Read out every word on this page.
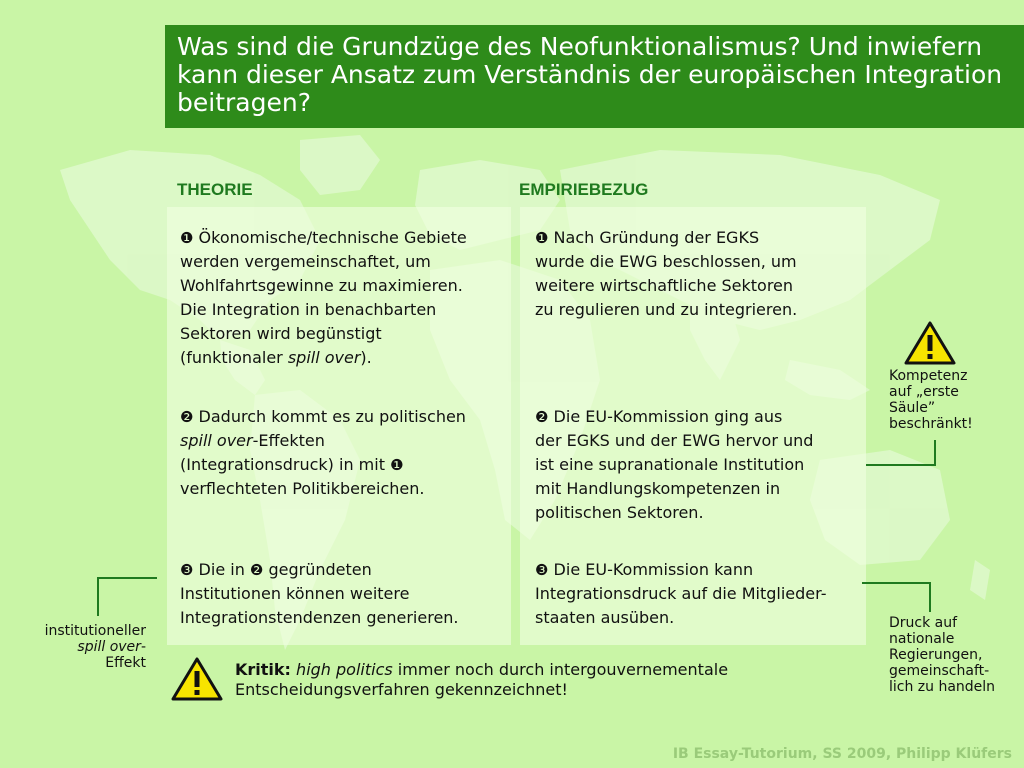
Was sind die Grundzüge des Neofunktionalismus? Und inwiefern kann dieser Ansatz zum Verständnis der europäischen Integration beitragen?
THEORIE	EMPIRIEBEZUG
❶ Ökonomische/technische Gebiete
werden vergemeinschaftet, um
Wohlfahrtsgewinne zu maximieren.
Die Integration in benachbarten
Sektoren wird begünstigt
(funktionaler spill over).
❷ Dadurch kommt es zu politischen
spill over-Effekten
(Integrationsdruck) in mit ❶
verflechteten Politikbereichen.
❸ Die in ❷ gegründeten
Institutionen können weitere
Integrationstendenzen generieren.
❶ Nach Gründung der EGKS
wurde die EWG beschlossen, um
weitere wirtschaftliche Sektoren
zu regulieren und zu integrieren.
❷ Die EU-Kommission ging aus
der EGKS und der EWG hervor und
ist eine supranationale Institution
mit Handlungskompetenzen in
politischen Sektoren.
❸ Die EU-Kommission kann
Integrationsdruck auf die Mitglieder-
staaten ausüben.
Kompetenz
auf „erste
Säule”
beschränkt!
Druck auf
nationale
Regierungen,
gemeinschaft-
lich zu handeln
institutioneller
spill over-
Effekt	Kritik: high politics immer noch durch intergouvernementale
Entscheidungsverfahren gekennzeichnet!
IB Essay-Tutorium, SS 2009, Philipp Klüfers
